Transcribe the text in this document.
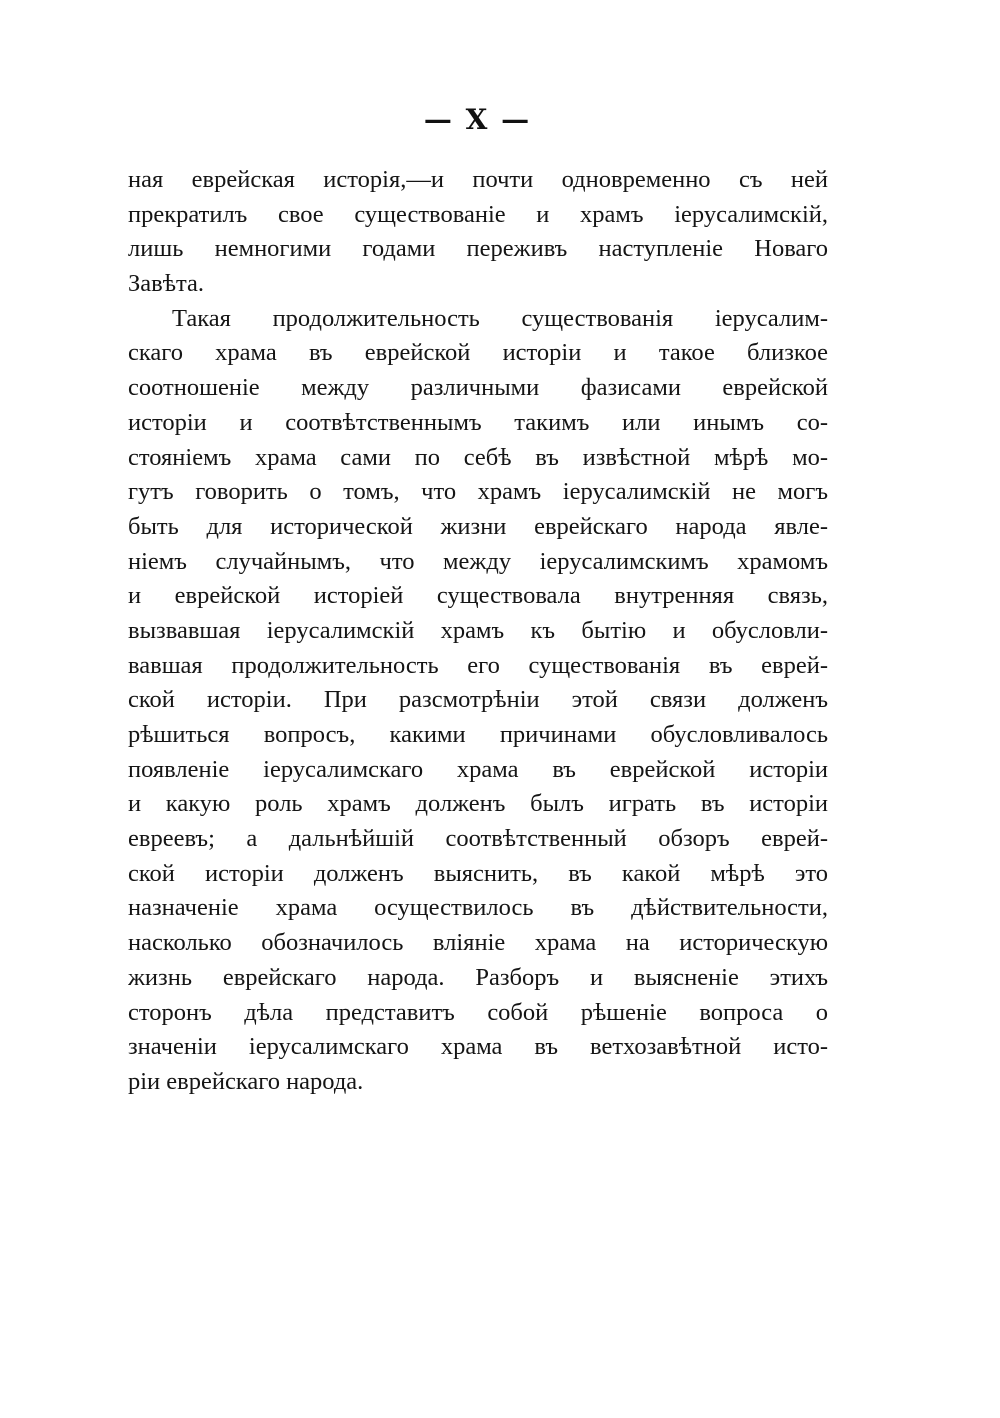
— X —
ная еврейская исторія,—и почти одновременно съ ней
прекратилъ свое существованіе и храмъ іерусалимскій,
лишь немногими годами переживъ наступленіе Новаго
Завѣта.
Такая продолжительность существованія іерусалим-
скаго храма въ еврейской исторіи и такое близкое
соотношеніе между различными фазисами еврейской
исторіи и соотвѣтственнымъ такимъ или инымъ со-
стояніемъ храма сами по себѣ въ извѣстной мѣрѣ мо-
гутъ говорить о томъ, что храмъ іерусалимскій не могъ
быть для исторической жизни еврейскаго народа явле-
ніемъ случайнымъ, что между іерусалимскимъ храмомъ
и еврейской исторіей существовала внутренняя связь,
вызвавшая іерусалимскій храмъ къ бытію и обусловли-
вавшая продолжительность его существованія въ еврей-
ской исторіи. При разсмотрѣніи этой связи долженъ
рѣшиться вопросъ, какими причинами обусловливалось
появленіе іерусалимскаго храма въ еврейской исторіи
и какую роль храмъ долженъ былъ играть въ исторіи
евреевъ; а дальнѣйшій соотвѣтственный обзоръ еврей-
ской исторіи долженъ выяснить, въ какой мѣрѣ это
назначеніе храма осуществилось въ дѣйствительности,
насколько обозначилось вліяніе храма на историческую
жизнь еврейскаго народа. Разборъ и выясненіе этихъ
сторонъ дѣла представитъ собой рѣшеніе вопроса о
значеніи іерусалимскаго храма въ ветхозавѣтной исто-
ріи еврейскаго народа.
